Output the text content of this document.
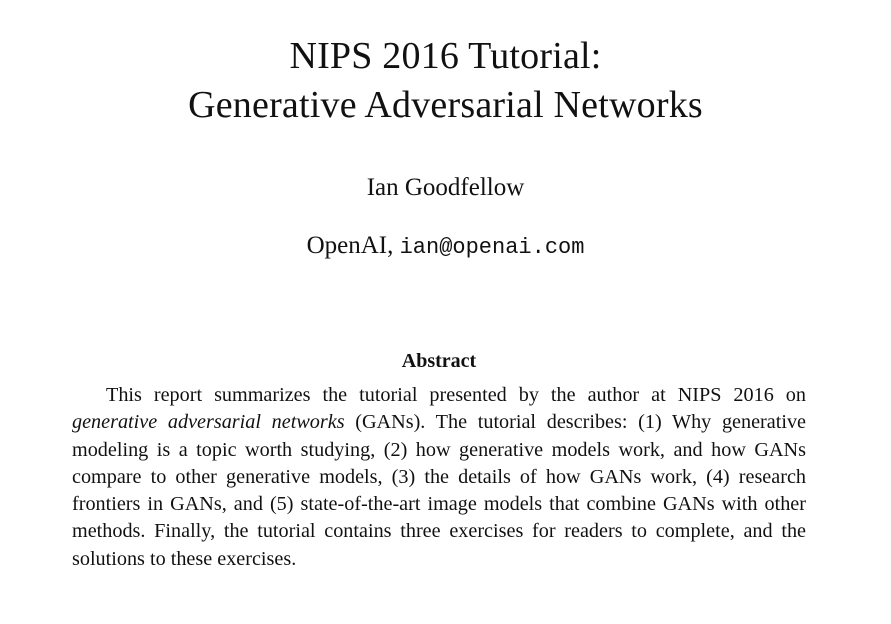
NIPS 2016 Tutorial:
Generative Adversarial Networks
Ian Goodfellow
OpenAI, ian@openai.com
Abstract
This report summarizes the tutorial presented by the author at NIPS 2016 on generative adversarial networks (GANs). The tutorial describes: (1) Why generative modeling is a topic worth studying, (2) how generative models work, and how GANs compare to other generative models, (3) the details of how GANs work, (4) research frontiers in GANs, and (5) state-of-the-art image models that combine GANs with other methods. Finally, the tutorial contains three exercises for readers to complete, and the solutions to these exercises.
